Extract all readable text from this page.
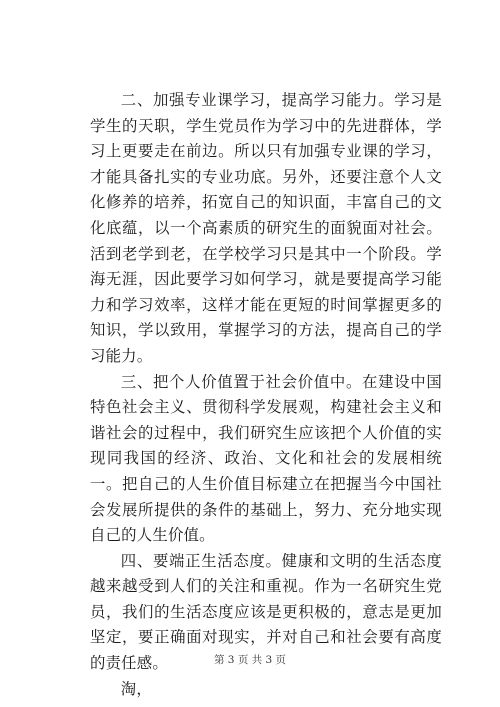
二、加强专业课学习，提高学习能力。学习是学生的天职，学生党员作为学习中的先进群体，学习上更要走在前边。所以只有加强专业课的学习，才能具备扎实的专业功底。另外，还要注意个人文化修养的培养，拓宽自己的知识面，丰富自己的文化底蕴，以一个高素质的研究生的面貌面对社会。活到老学到老，在学校学习只是其中一个阶段。学海无涯，因此要学习如何学习，就是要提高学习能力和学习效率，这样才能在更短的时间掌握更多的知识，学以致用，掌握学习的方法，提高自己的学习能力。

三、把个人价值置于社会价值中。在建设中国特色社会主义、贯彻科学发展观，构建社会主义和谐社会的过程中，我们研究生应该把个人价值的实现同我国的经济、政治、文化和社会的发展相统一。把自己的人生价值目标建立在把握当今中国社会发展所提供的条件的基础上，努力、充分地实现自己的人生价值。

四、要端正生活态度。健康和文明的生活态度越来越受到人们的关注和重视。作为一名研究生党员，我们的生活态度应该是更积极的，意志是更加坚定，要正确面对现实，并对自己和社会要有高度的责任感。

淘，

第 3 页 共 3 页
